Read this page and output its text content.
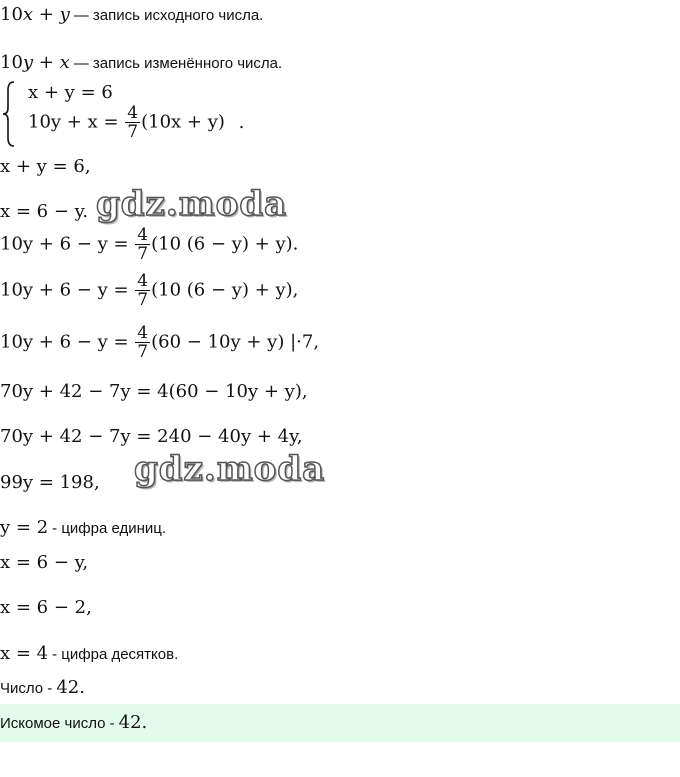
10x + y — запись исходного числа.
10y + x — запись изменённого числа.
x + y = 6
$10y + x = \frac{4}{7} (10x + y)$ .
x + y = 6,
x = 6 − y. gdz.moda
$10y + 6 - y = \frac{4}{7} (10$ (6 − y) + y).
$10y + 6 - y = \frac{4}{7} (10$ (6 − y) + y),
$10y + 6 - y = \frac{4}{7} (60 - 10y + y)$ |·7,
70y + 42 − 7y = 4(60 − 10y + y),
70y + 42 − 7y = 240 − 40y + 4y,
99y = 198, gdz.moda
y = 2 - цифра единиц.
x = 6 − y,
x = 6 − 2,
x = 4 - цифра десятков.
Число - 42.
Искомое число - 42.
